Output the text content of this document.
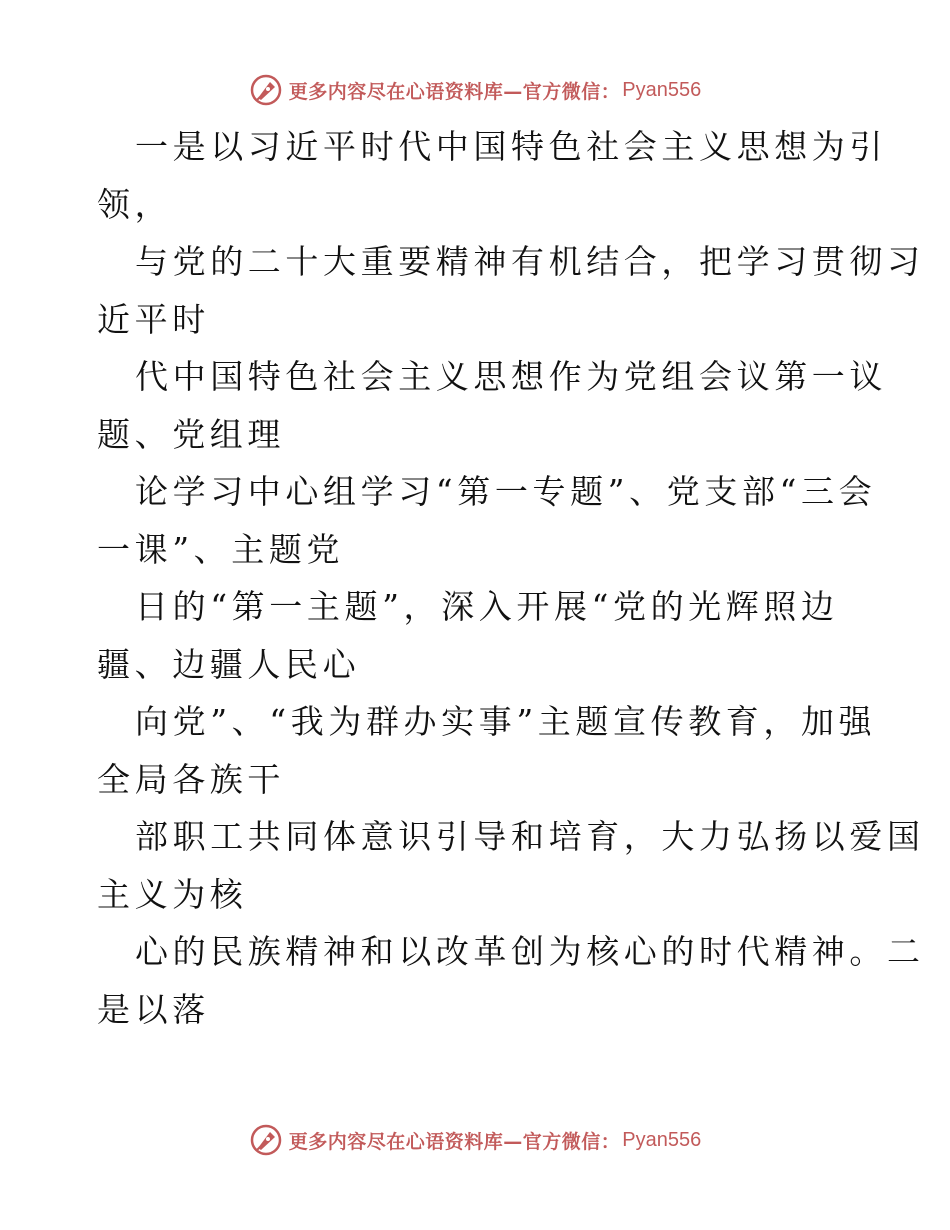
更多内容尽在心语资料库—官方微信： Pyan556
一是以习近平时代中国特色社会主义思想为引
领，
与党的二十大重要精神有机结合，把学习贯彻习
近平时
代中国特色社会主义思想作为党组会议第一议
题、党组理
论学习中心组学习“第一专题”、党支部“三会
一课”、主题党
日的“第一主题”，深入开展“党的光辉照边
疆、边疆人民心
向党”、“我为群办实事”主题宣传教育，加强
全局各族干
部职工共同体意识引导和培育，大力弘扬以爱国
主义为核
心的民族精神和以改革创为核心的时代精神。二
是以落
更多内容尽在心语资料库—官方微信： Pyan556
